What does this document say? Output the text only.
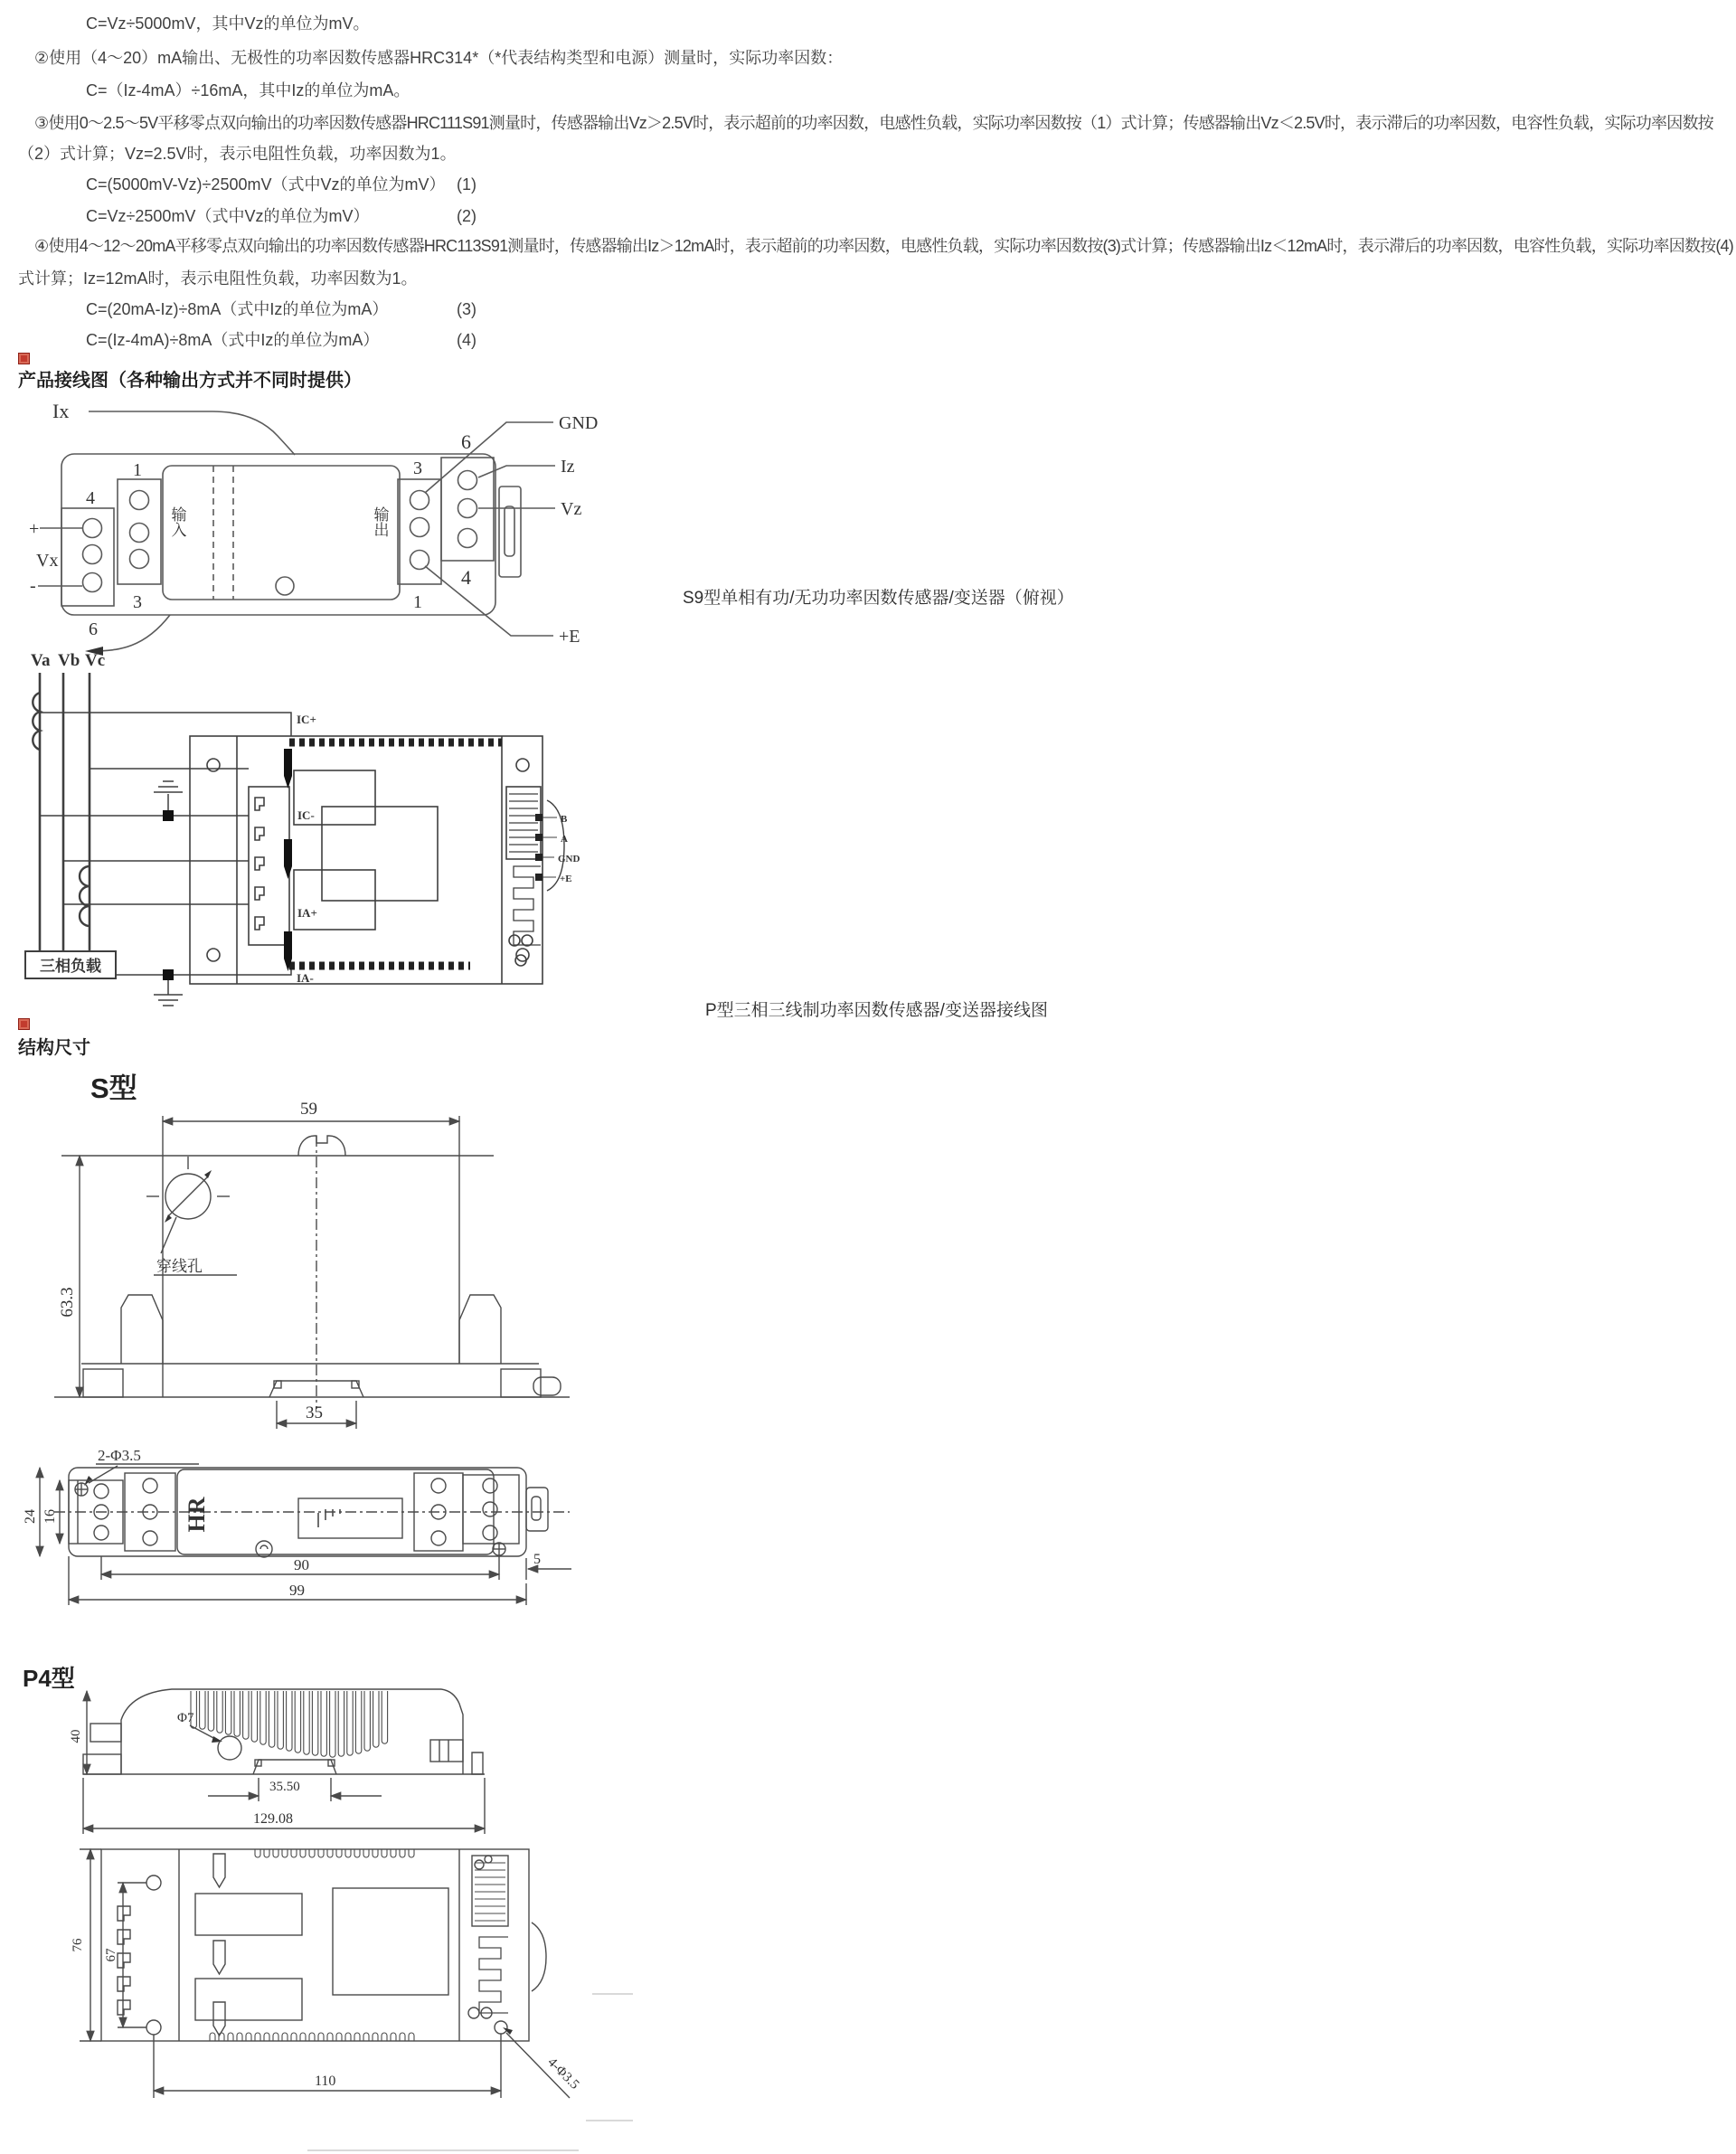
C=Vz÷5000mV，其中Vz的单位为mV。
②使用（4～20）mA输出、无极性的功率因数传感器HRC314*（*代表结构类型和电源）测量时，实际功率因数：
C=（Iz-4mA）÷16mA，其中Iz的单位为mA。
③使用0～2.5～5V平移零点双向输出的功率因数传感器HRC111S91测量时，传感器输出Vz＞2.5V时，表示超前的功率因数，电感性负载，实际功率因数按（1）式计算；传感器输出Vz＜2.5V时，表示滞后的功率因数，电容性负载，实际功率因数按
（2）式计算；Vz=2.5V时，表示电阻性负载，功率因数为1。
C=(5000mV-Vz)÷2500mV（式中Vz的单位为mV） (1)
C=Vz÷2500mV（式中Vz的单位为mV）	(2)
④使用4～12～20mA平移零点双向输出的功率因数传感器HRC113S91测量时，传感器输出Iz＞12mA时，表示超前的功率因数，电感性负载，实际功率因数按(3)式计算；传感器输出Iz＜12mA时，表示滞后的功率因数，电容性负载，实际功率因数按(4)
式计算；Iz=12mA时，表示电阻性负载，功率因数为1。
C=(20mA-Iz)÷8mA（式中Iz的单位为mA）	(3)
C=(Iz-4mA)÷8mA（式中Iz的单位为mA）	(4)
产品接线图（各种输出方式并不同时提供）
Ix
4
+
Vx
-
1
3
6
3
1
6
4
GND
Iz
Vz
+E
输入	输出
S9型单相有功/无功功率因数传感器/变送器（俯视）
Va Vb Vc
IC+
IC-
IA+
IA-
B
A
GND
+E
三相负载
P型三相三线制功率因数传感器/变送器接线图
结构尺寸
S型
59
63.3
35
穿线孔
2-Φ3.5
24 16	HR
90
99
5
P4型
40
Φ7
35.50
129.08
76
67
110	4-Φ3.5
